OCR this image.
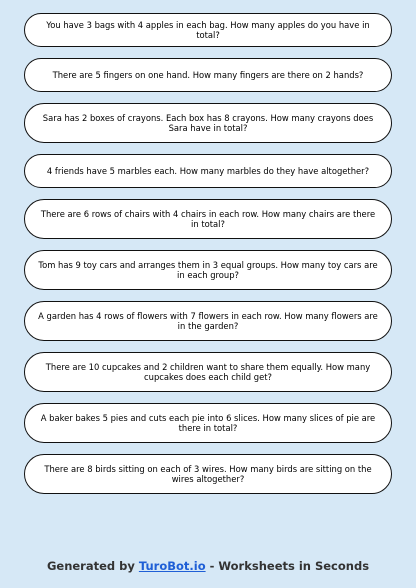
You have 3 bags with 4 apples in each bag. How many apples do you have in total?
There are 5 fingers on one hand. How many fingers are there on 2 hands?
Sara has 2 boxes of crayons. Each box has 8 crayons. How many crayons does Sara have in total?
4 friends have 5 marbles each. How many marbles do they have altogether?
There are 6 rows of chairs with 4 chairs in each row. How many chairs are there in total?
Tom has 9 toy cars and arranges them in 3 equal groups. How many toy cars are in each group?
A garden has 4 rows of flowers with 7 flowers in each row. How many flowers are in the garden?
There are 10 cupcakes and 2 children want to share them equally. How many cupcakes does each child get?
A baker bakes 5 pies and cuts each pie into 6 slices. How many slices of pie are there in total?
There are 8 birds sitting on each of 3 wires. How many birds are sitting on the wires altogether?
Generated by TuroBot.io - Worksheets in Seconds
